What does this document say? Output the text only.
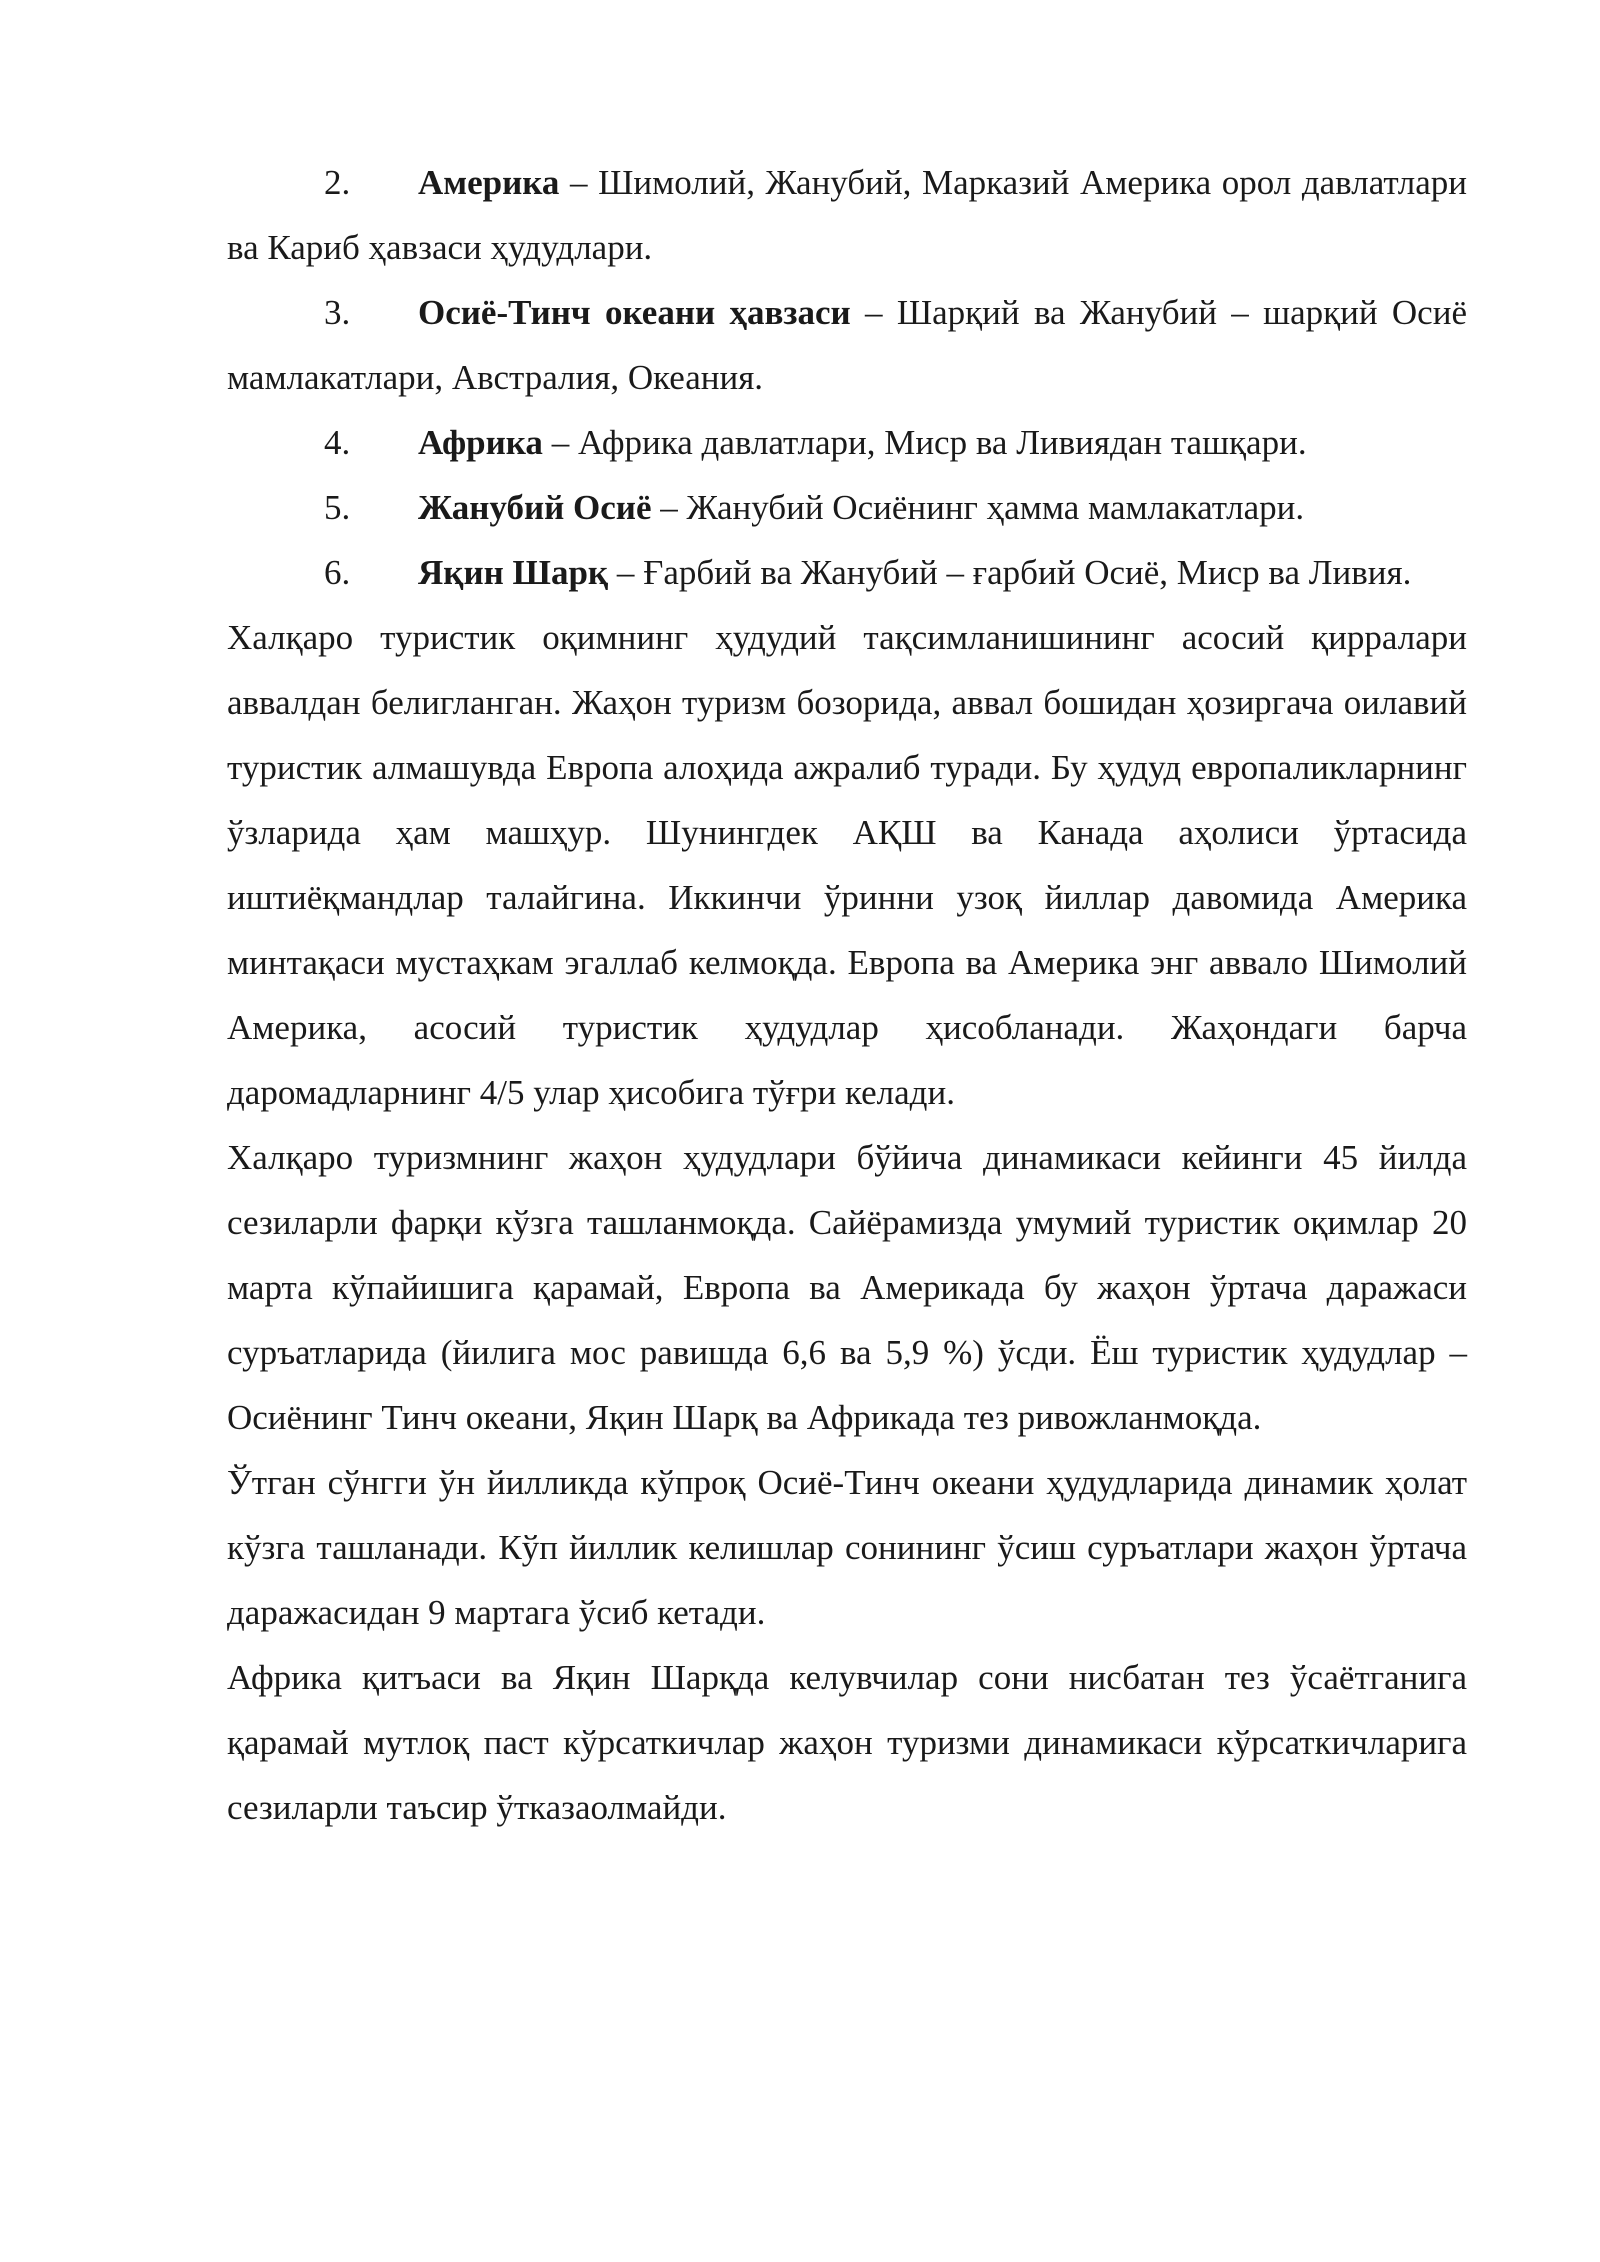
2. Америка – Шимолий, Жанубий, Марказий Америка орол давлатлари ва Кариб ҳавзаси ҳудудлари.

3. Осиё-Тинч океани ҳавзаси – Шарқий ва Жанубий – шарқий Осиё мамлакатлари, Австралия, Океания.

4. Африка – Африка давлатлари, Миср ва Ливиядан ташқари.

5. Жанубий Осиё – Жанубий Осиёнинг ҳамма мамлакатлари.

6. Яқин Шарқ – Ғарбий ва Жанубий – ғарбий Осиё, Миср ва Ливия.

Халқаро туристик оқимнинг ҳудудий тақсимланишининг асосий қирралари аввалдан белигланган. Жаҳон туризм бозорида, аввал бошидан ҳозиргача оилавий туристик алмашувда Европа алоҳида ажралиб туради. Бу ҳудуд европаликларнинг ўзларида ҳам машҳур. Шунингдек АҚШ ва Канада аҳолиси ўртасида иштиёқмандлар талайгина. Иккинчи ўринни узоқ йиллар давомида Америка минтақаси мустаҳкам эгаллаб келмоқда. Европа ва Америка энг аввало Шимолий Америка, асосий туристик ҳудудлар ҳисобланади. Жаҳондаги барча даромадларнинг 4/5 улар ҳисобига тўғри келади.

Халқаро туризмнинг жаҳон ҳудудлари бўйича динамикаси кейинги 45 йилда сезиларли фарқи кўзга ташланмоқда. Сайёрамизда умумий туристик оқимлар 20 марта кўпайишига қарамай, Европа ва Америкада бу жаҳон ўртача даражаси суръатларида (йилига мос равишда 6,6 ва 5,9 %) ўсди. Ёш туристик ҳудудлар – Осиёнинг Тинч океани, Яқин Шарқ ва Африкада тез ривожланмоқда.

Ўтган сўнгги ўн йилликда кўпроқ Осиё-Тинч океани ҳудудларида динамик ҳолат кўзга ташланади. Кўп йиллик келишлар сонининг ўсиш суръатлари жаҳон ўртача даражасидан 9 мартага ўсиб кетади.

Африка қитъаси ва Яқин Шарқда келувчилар сони нисбатан тез ўсаётганига қарамай мутлоқ паст кўрсаткичлар жаҳон туризми динамикаси кўрсаткичларига сезиларли таъсир ўтказаолмайди.
